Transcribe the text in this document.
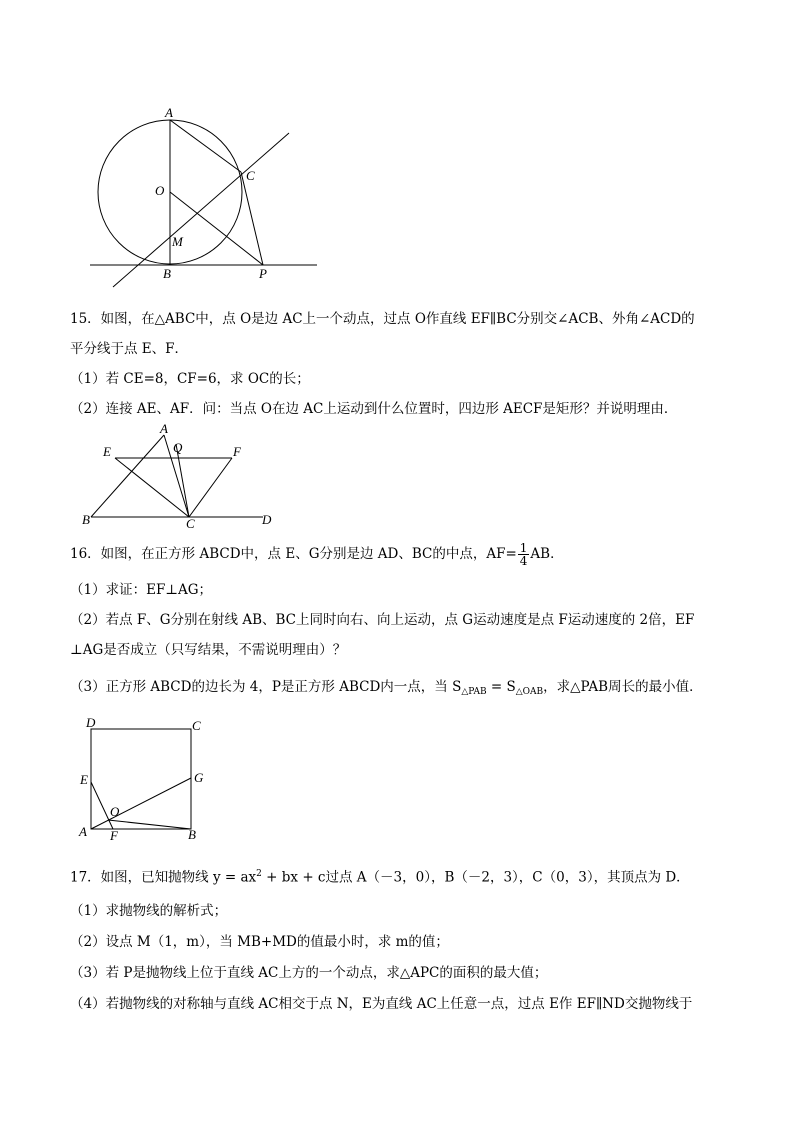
A
O
C
M
B	P
15．如图，在△ABC中，点 O是边 AC上一个动点，过点 O作直线 EF∥BC分别交∠ACB、外角∠ACD的
平分线于点 E、F．
（1）若 CE=8，CF=6，求 OC的长；
（2）连接 AE、AF．问：当点 O在边 AC上运动到什么位置时，四边形 AECF是矩形？并说明理由．
A
Q
E	F
B	C	D
16．如图，在正方形 ABCD中，点 E、G分别是边 AD、BC的中点，$AF= \frac{1}{4}$ AB．
（1）求证：EF⊥AG；
（2）若点 F、G分别在射线 AB、BC上同时向右、向上运动，点 G运动速度是点 F运动速度的 2倍，EF
⊥AG是否成立（只写结果，不需说明理由）？
（3）正方形 ABCD的边长为 4，P是正方形 ABCD内一点，当 $S_{\triangle PAB} = S_{\triangle OAB}$，求△PAB周长的最小值．
D	C
E	G
O
A F	B
17．如图，已知抛物线 $y = ax^2$ + bx + c过点 A（－3，0），B（－2，3），C（0，3），其顶点为 D．
（1）求抛物线的解析式；
（2）设点 M（1，m），当 MB+MD的值最小时，求 m的值；
（3）若 P是抛物线上位于直线 AC上方的一个动点，求△APC的面积的最大值；
（4）若抛物线的对称轴与直线 AC相交于点 N，E为直线 AC上任意一点，过点 E作 EF∥ND交抛物线于
